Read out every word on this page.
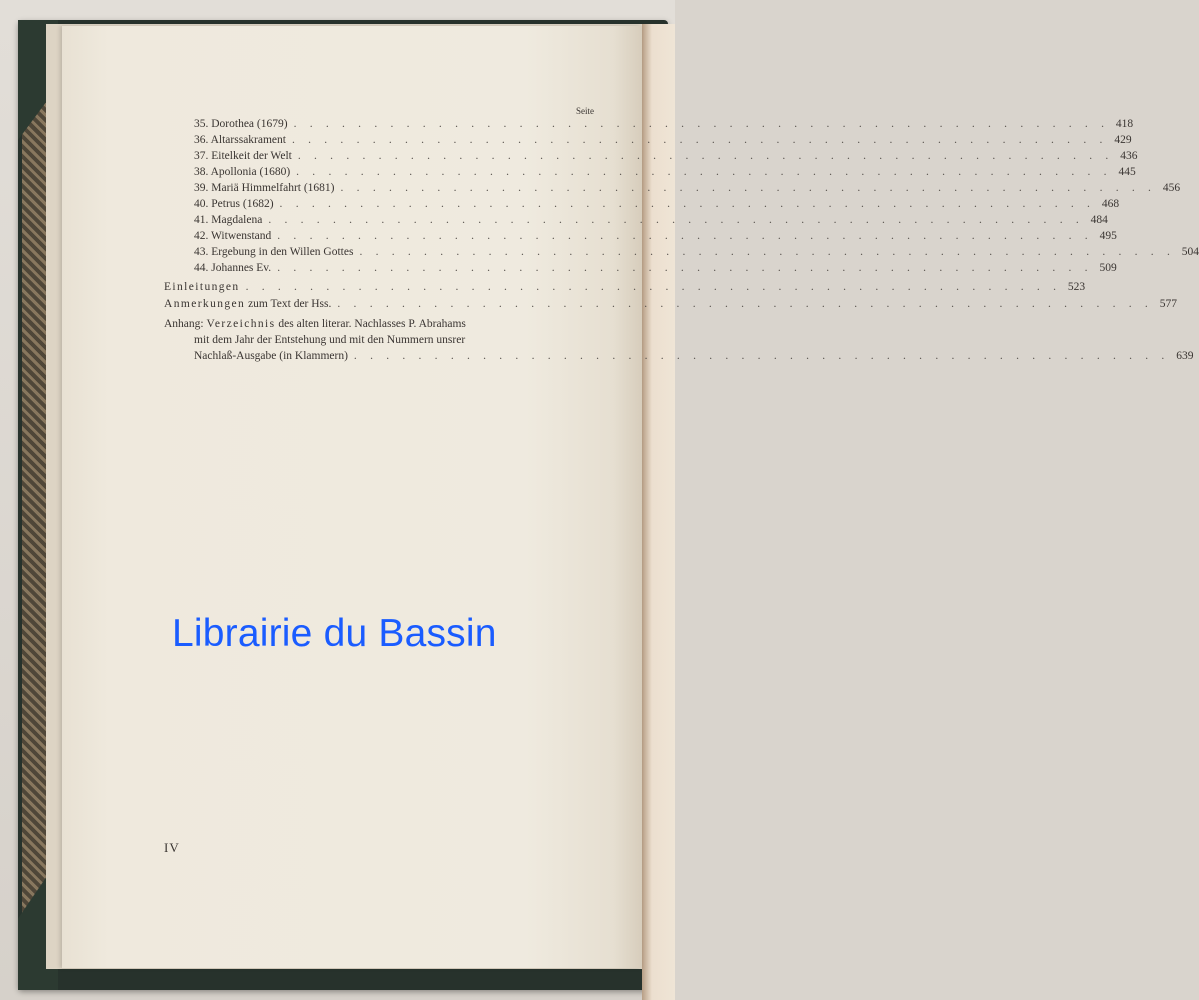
Seite
35. Dorothea (1679) . . . . . . . . . . . . . . . . . . . . . . . . . . . . . . . . . . . . . . . . . . . . . . . . . . . 418
36. Altarssakrament . . . . . . . . . . . . . . . . . . . . . . . . . . . . . . . . . . . . . . . . . . . . . . . . . . . 429
37. Eitelkeit der Welt . . . . . . . . . . . . . . . . . . . . . . . . . . . . . . . . . . . . . . . . . . . . . . . . . . . 436
38. Apollonia (1680) . . . . . . . . . . . . . . . . . . . . . . . . . . . . . . . . . . . . . . . . . . . . . . . . . . . 445
39. Mariä Himmelfahrt (1681) . . . . . . . . . . . . . . . . . . . . . . . . . . . . . . . . . . . . . . . . . . . . . . . . . . . 456
40. Petrus (1682) . . . . . . . . . . . . . . . . . . . . . . . . . . . . . . . . . . . . . . . . . . . . . . . . . . . 468
41. Magdalena . . . . . . . . . . . . . . . . . . . . . . . . . . . . . . . . . . . . . . . . . . . . . . . . . . . 484
42. Witwenstand . . . . . . . . . . . . . . . . . . . . . . . . . . . . . . . . . . . . . . . . . . . . . . . . . . . 495
43. Ergebung in den Willen Gottes . . . . . . . . . . . . . . . . . . . . . . . . . . . . . . . . . . . . . . . . . . . . . . . . . . . 504
44. Johannes Ev. . . . . . . . . . . . . . . . . . . . . . . . . . . . . . . . . . . . . . . . . . . . . . . . . . . . 509
Einleitungen . . . . . . . . . . . . . . . . . . . . . . . . . . . . . . . . . . . . . . . . . . . . . . . . . . . 523
Anmerkungen zum Text der Hss. . . . . . . . . . . . . . . . . . . . . . . . . . . . . . . . . . . . . . . . . . . . . . . . . . . . 577
Anhang: Verzeichnis des alten literar. Nachlasses P. Abrahams
mit dem Jahr der Entstehung und mit den Nummern unsrer
Nachlaß-Ausgabe (in Klammern) . . . . . . . . . . . . . . . . . . . . . . . . . . . . . . . . . . . . . . . . . . . . . . . . . . . 639
IV
Librairie du Bassin
